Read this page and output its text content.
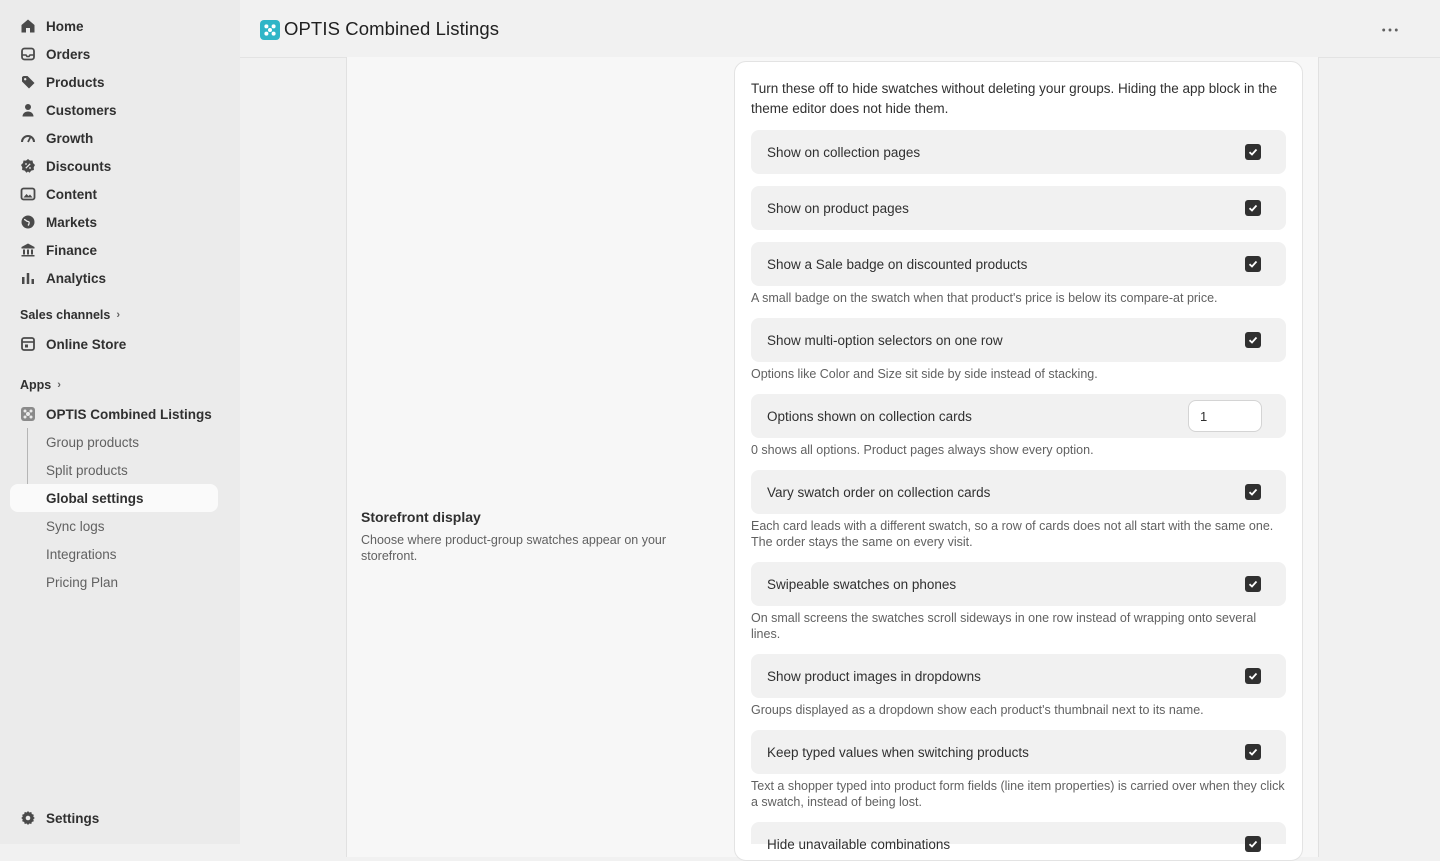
Home
Orders
Products
Customers
Growth
Discounts
Content
Markets
Finance
Analytics
Sales channels ›
Online Store
Apps ›
OPTIS Combined Listings
Group products
Split products
Global settings
Sync logs
Integrations
Pricing Plan
Settings
OPTIS Combined Listings
Storefront display
Choose where product-group swatches appear on your storefront.
Turn these off to hide swatches without deleting your groups. Hiding the app block in the theme editor does not hide them.
Show on collection pages
Show on product pages
Show a Sale badge on discounted products
A small badge on the swatch when that product's price is below its compare-at price.
Show multi-option selectors on one row
Options like Color and Size sit side by side instead of stacking.
Options shown on collection cards
1
0 shows all options. Product pages always show every option.
Vary swatch order on collection cards
Each card leads with a different swatch, so a row of cards does not all start with the same one. The order stays the same on every visit.
Swipeable swatches on phones
On small screens the swatches scroll sideways in one row instead of wrapping onto several lines.
Show product images in dropdowns
Groups displayed as a dropdown show each product's thumbnail next to its name.
Keep typed values when switching products
Text a shopper typed into product form fields (line item properties) is carried over when they click a swatch, instead of being lost.
Hide unavailable combinations
